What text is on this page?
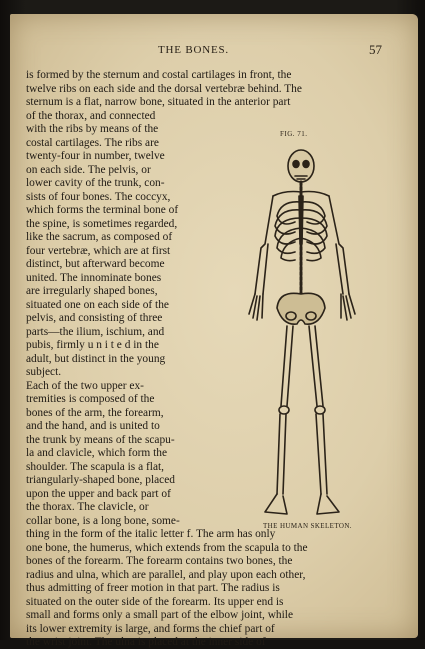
THE BONES.	57

is formed by the sternum and costal cartilages in front, the

twelve ribs on each side and the dorsal vertebræ behind. The

sternum is a flat, narrow bone, situated in the anterior part

of the thorax, and connected

with the ribs by means of the

costal cartilages. The ribs are

twenty-four in number, twelve

on each side. The pelvis, or

lower cavity of the trunk, con-

sists of four bones. The coccyx,

which forms the terminal bone of

the spine, is sometimes regarded,

like the sacrum, as composed of

four vertebræ, which are at first

distinct, but afterward become

united. The innominate bones

are irregularly shaped bones,

situated one on each side of the

pelvis, and consisting of three

parts—the ilium, ischium, and

pubis, firmly u n i t e d in the

adult, but distinct in the young

subject.

Each of the two upper ex-

tremities is composed of the

bones of the arm, the forearm,

and the hand, and is united to

the trunk by means of the scapu-

la and clavicle, which form the

shoulder. The scapula is a flat,

triangularly-shaped bone, placed

upon the upper and back part of

the thorax. The clavicle, or

collar bone, is a long bone, some-

thing in the form of the italic letter f. The arm has only

one bone, the humerus, which extends from the scapula to the

bones of the forearm. The forearm contains two bones, the

radius and ulna, which are parallel, and play upon each other,

thus admitting of freer motion in that part. The radius is

situated on the outer side of the forearm. Its upper end is

small and forms only a small part of the elbow joint, while

its lower extremity is large, and forms the chief part of

the wrist joint. The ulna is placed at the inner side of

FIG. 71.
THE HUMAN SKELETON.
